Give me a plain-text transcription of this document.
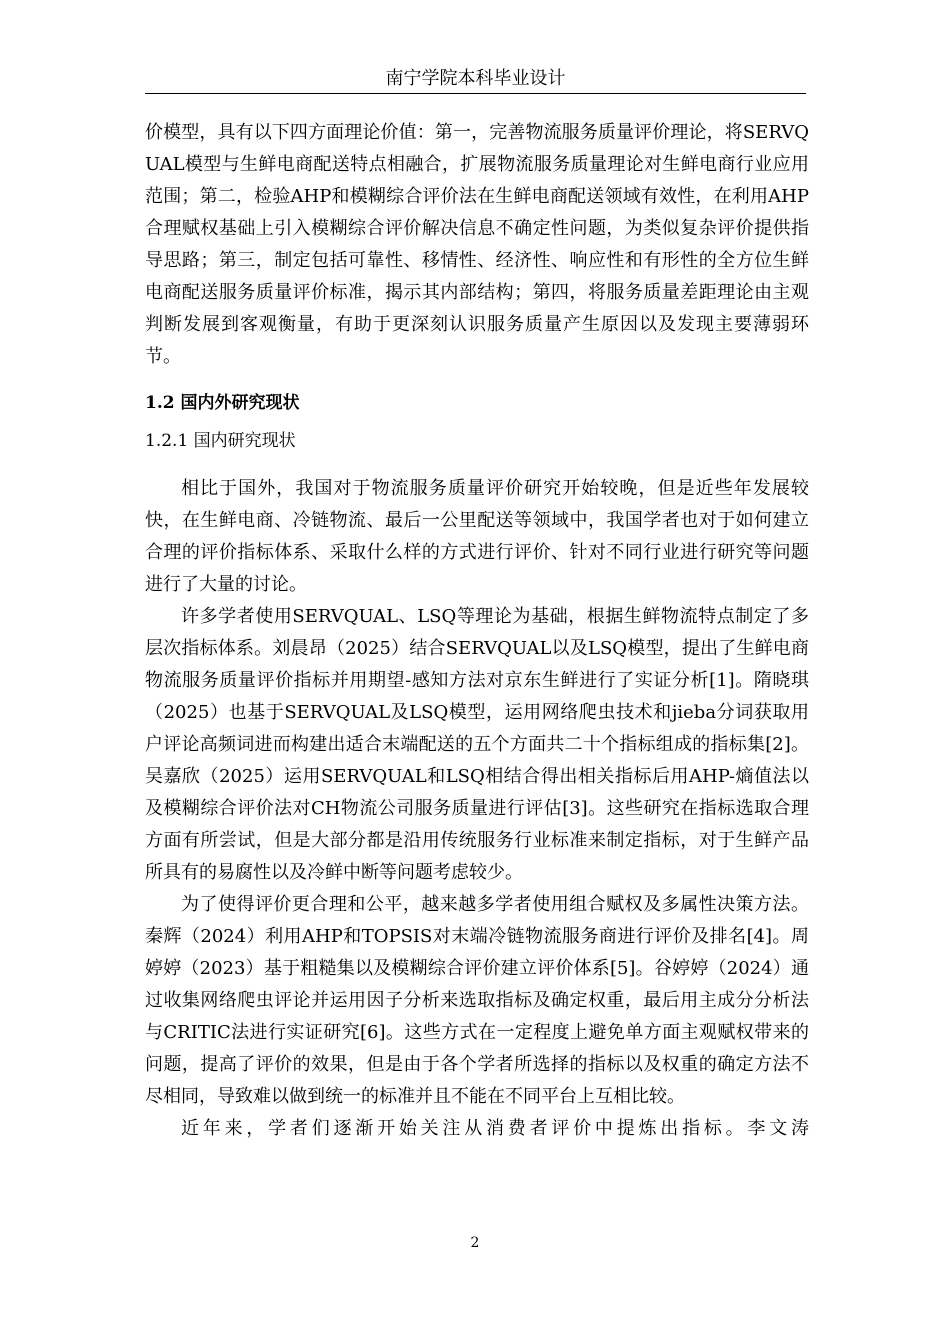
南宁学院本科毕业设计

价模型，具有以下四方面理论价值：第一，完善物流服务质量评价理论，将SERVQUAL模型与生鲜电商配送特点相融合，扩展物流服务质量理论对生鲜电商行业应用范围；第二，检验AHP和模糊综合评价法在生鲜电商配送领域有效性，在利用AHP合理赋权基础上引入模糊综合评价解决信息不确定性问题，为类似复杂评价提供指导思路；第三，制定包括可靠性、移情性、经济性、响应性和有形性的全方位生鲜电商配送服务质量评价标准，揭示其内部结构；第四，将服务质量差距理论由主观判断发展到客观衡量，有助于更深刻认识服务质量产生原因以及发现主要薄弱环节。

1.2 国内外研究现状
1.2.1 国内研究现状

相比于国外，我国对于物流服务质量评价研究开始较晚，但是近些年发展较快，在生鲜电商、冷链物流、最后一公里配送等领域中，我国学者也对于如何建立合理的评价指标体系、采取什么样的方式进行评价、针对不同行业进行研究等问题进行了大量的讨论。

许多学者使用SERVQUAL、LSQ等理论为基础，根据生鲜物流特点制定了多层次指标体系。刘晨昂（2025）结合SERVQUAL以及LSQ模型，提出了生鲜电商物流服务质量评价指标并用期望-感知方法对京东生鲜进行了实证分析[1]。隋晓琪（2025）也基于SERVQUAL及LSQ模型，运用网络爬虫技术和jieba分词获取用户评论高频词进而构建出适合末端配送的五个方面共二十个指标组成的指标集[2]。吴嘉欣（2025）运用SERVQUAL和LSQ相结合得出相关指标后用AHP-熵值法以及模糊综合评价法对CH物流公司服务质量进行评估[3]。这些研究在指标选取合理方面有所尝试，但是大部分都是沿用传统服务行业标准来制定指标，对于生鲜产品所具有的易腐性以及冷鲜中断等问题考虑较少。

为了使得评价更合理和公平，越来越多学者使用组合赋权及多属性决策方法。秦辉（2024）利用AHP和TOPSIS对末端冷链物流服务商进行评价及排名[4]。周婷婷（2023）基于粗糙集以及模糊综合评价建立评价体系[5]。谷婷婷（2024）通过收集网络爬虫评论并运用因子分析来选取指标及确定权重，最后用主成分分析法与CRITIC法进行实证研究[6]。这些方式在一定程度上避免单方面主观赋权带来的问题，提高了评价的效果，但是由于各个学者所选择的指标以及权重的确定方法不尽相同，导致难以做到统一的标准并且不能在不同平台上互相比较。

近年来，学者们逐渐开始关注从消费者评价中提炼出指标。李文涛

2
